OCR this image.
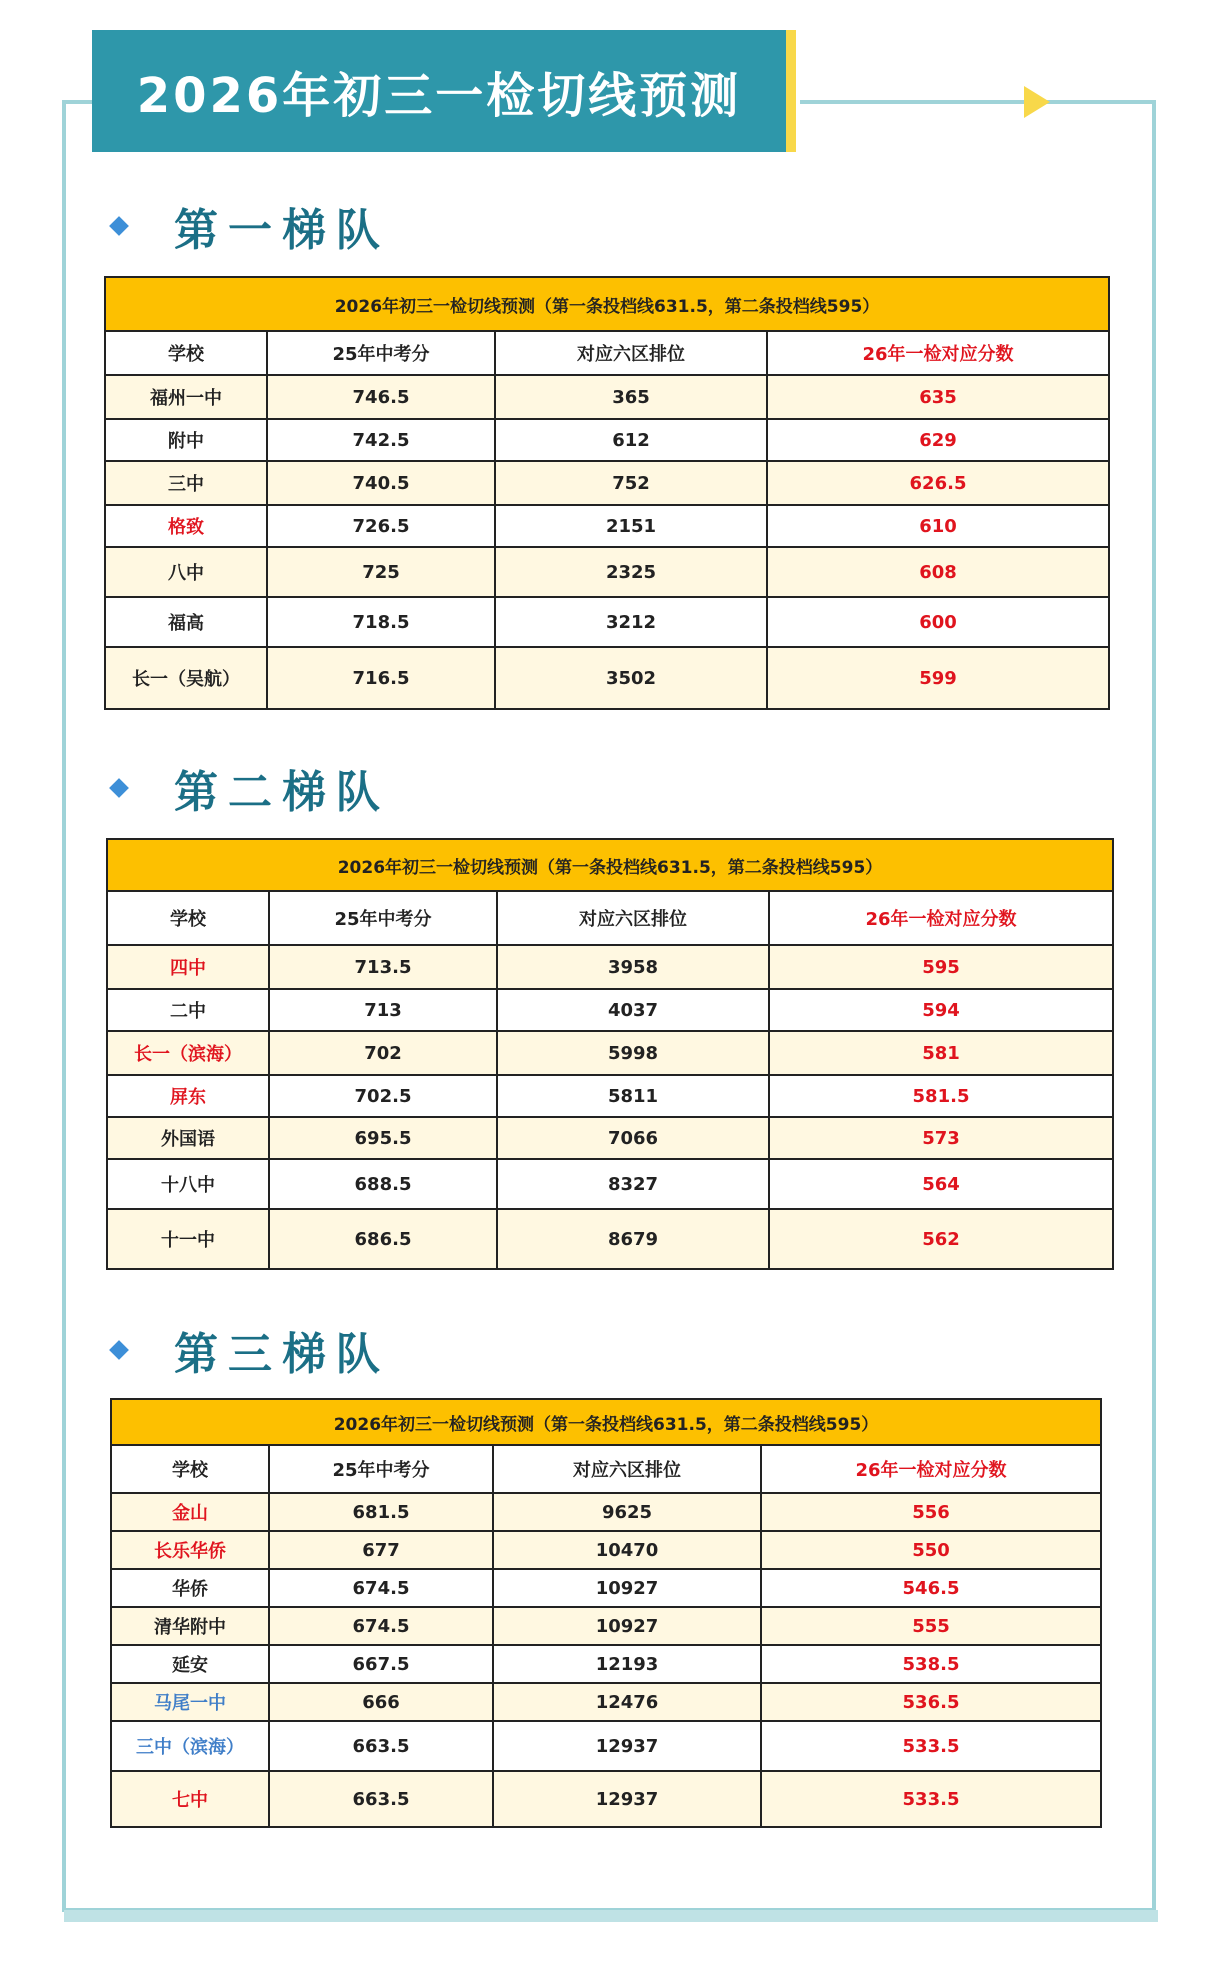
2026年初三一检切线预测
第一梯队
2026年初三一检切线预测（第一条投档线631.5，第二条投档线595）
学校	25年中考分	对应六区排位	26年一检对应分数
福州一中	746.5	365	635
附中	742.5	612	629
三中	740.5	752	626.5
格致	726.5	2151	610
八中	725	2325	608
福高	718.5	3212	600
长一（吴航）	716.5	3502	599
第二梯队
2026年初三一检切线预测（第一条投档线631.5，第二条投档线595）
学校	25年中考分	对应六区排位	26年一检对应分数
四中	713.5	3958	595
二中	713	4037	594
长一（滨海）	702	5998	581
屏东	702.5	5811	581.5
外国语	695.5	7066	573
十八中	688.5	8327	564
十一中	686.5	8679	562
第三梯队
2026年初三一检切线预测（第一条投档线631.5，第二条投档线595）
学校	25年中考分	对应六区排位	26年一检对应分数
金山	681.5	9625	556
长乐华侨	677	10470	550
华侨	674.5	10927	546.5
清华附中	674.5	10927	555
延安	667.5	12193	538.5
马尾一中	666	12476	536.5
三中（滨海）	663.5	12937	533.5
七中	663.5	12937	533.5
